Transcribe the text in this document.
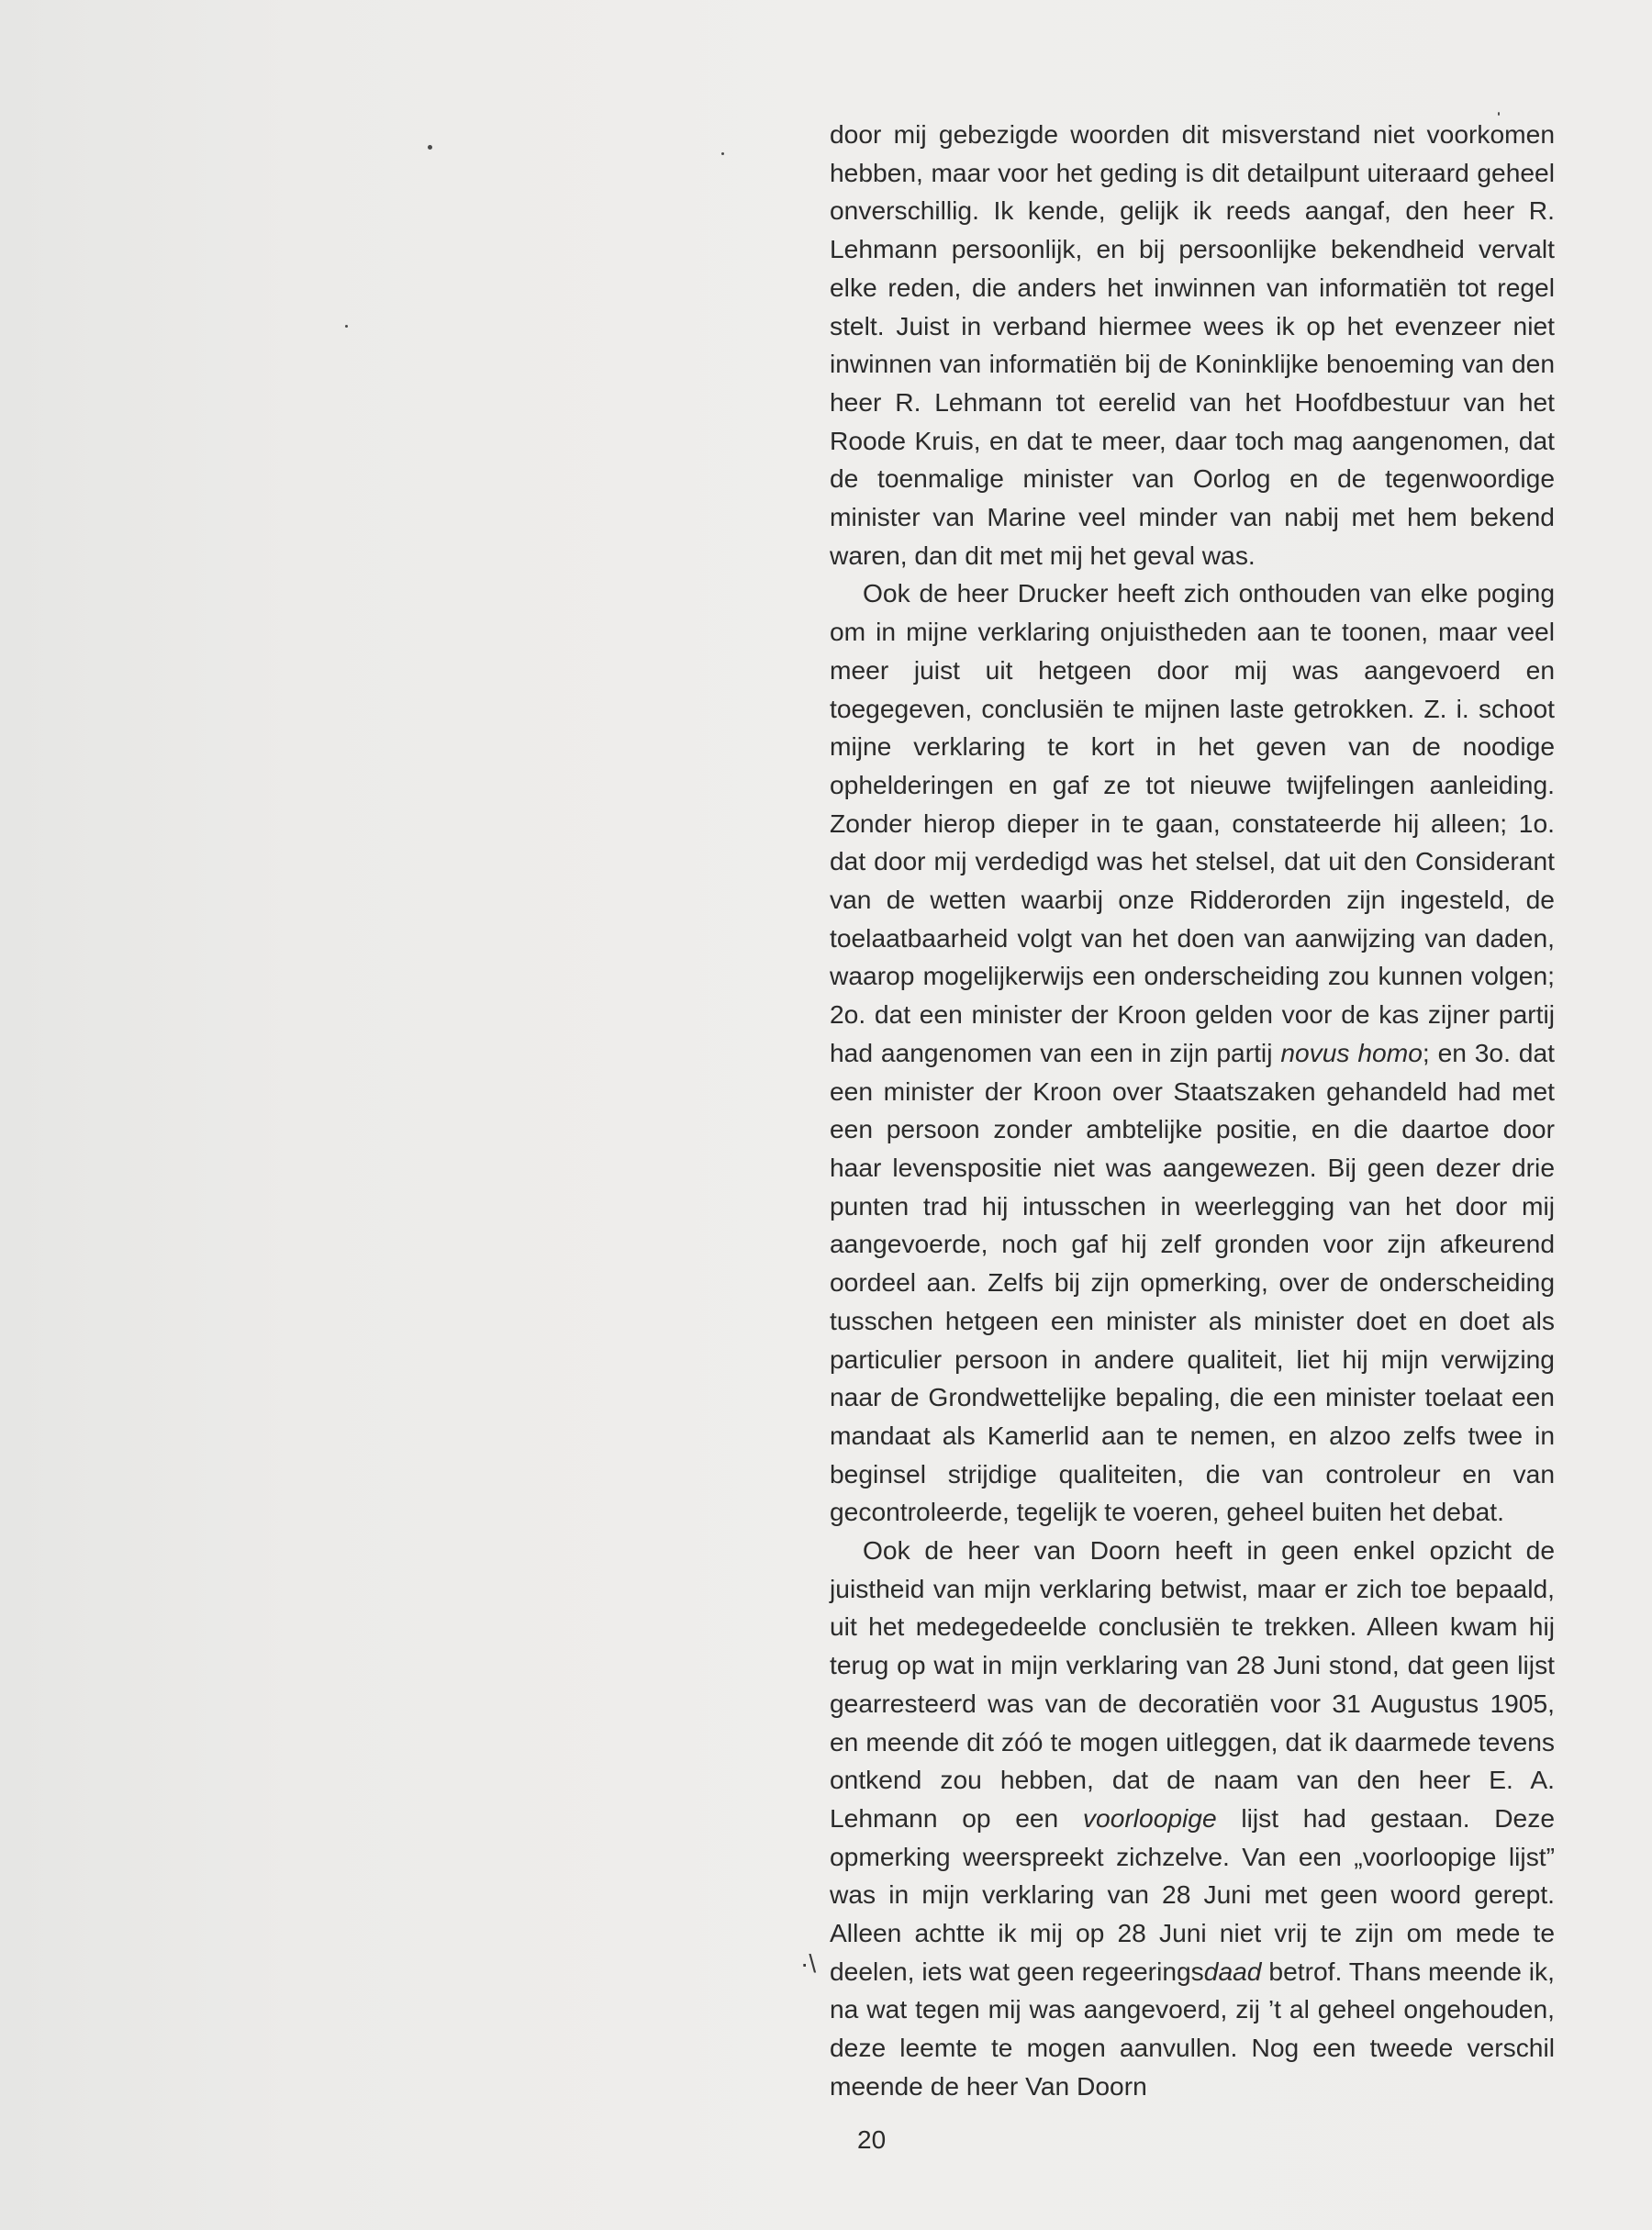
door mij gebezigde woorden dit misverstand niet voorkomen hebben, maar voor het geding is dit detailpunt uiteraard geheel onverschillig. Ik kende, gelijk ik reeds aangaf, den heer R. Lehmann persoonlijk, en bij persoonlijke bekendheid vervalt elke reden, die anders het inwinnen van informatiën tot regel stelt. Juist in verband hiermee wees ik op het evenzeer niet inwinnen van informatiën bij de Koninklijke benoeming van den heer R. Lehmann tot eerelid van het Hoofdbestuur van het Roode Kruis, en dat te meer, daar toch mag aangenomen, dat de toenmalige minister van Oorlog en de tegenwoordige minister van Marine veel minder van nabij met hem bekend waren, dan dit met mij het geval was.

Ook de heer Drucker heeft zich onthouden van elke poging om in mijne verklaring onjuistheden aan te toonen, maar veel meer juist uit hetgeen door mij was aangevoerd en toegegeven, conclusiën te mijnen laste getrokken. Z. i. schoot mijne verklaring te kort in het geven van de noodige ophelderingen en gaf ze tot nieuwe twijfelingen aanleiding. Zonder hierop dieper in te gaan, constateerde hij alleen; 1o. dat door mij verdedigd was het stelsel, dat uit den Considerant van de wetten waarbij onze Ridderorden zijn ingesteld, de toelaatbaarheid volgt van het doen van aanwijzing van daden, waarop mogelijkerwijs een onderscheiding zou kunnen volgen; 2o. dat een minister der Kroon gelden voor de kas zijner partij had aangenomen van een in zijn partij novus homo; en 3o. dat een minister der Kroon over Staatszaken gehandeld had met een persoon zonder ambtelijke positie, en die daartoe door haar levenspositie niet was aangewezen. Bij geen dezer drie punten trad hij intusschen in weerlegging van het door mij aangevoerde, noch gaf hij zelf gronden voor zijn afkeurend oordeel aan. Zelfs bij zijn opmerking, over de onderscheiding tusschen hetgeen een minister als minister doet en doet als particulier persoon in andere qualiteit, liet hij mijn verwijzing naar de Grondwettelijke bepaling, die een minister toelaat een mandaat als Kamerlid aan te nemen, en alzoo zelfs twee in beginsel strijdige qualiteiten, die van controleur en van gecontroleerde, tegelijk te voeren, geheel buiten het debat.

Ook de heer van Doorn heeft in geen enkel opzicht de juistheid van mijn verklaring betwist, maar er zich toe bepaald, uit het medegedeelde conclusiën te trekken. Alleen kwam hij terug op wat in mijn verklaring van 28 Juni stond, dat geen lijst gearresteerd was van de decoratiën voor 31 Augustus 1905, en meende dit zóó te mogen uitleggen, dat ik daarmede tevens ontkend zou hebben, dat de naam van den heer E. A. Lehmann op een voorloopige lijst had gestaan. Deze opmerking weerspreekt zichzelve. Van een „voorloopige lijst” was in mijn verklaring van 28 Juni met geen woord gerept. Alleen achtte ik mij op 28 Juni niet vrij te zijn om mede te deelen, iets wat geen regeeringsdaad betrof. Thans meende ik, na wat tegen mij was aangevoerd, zij ’t al geheel ongehouden, deze leemte te mogen aanvullen. Nog een tweede verschil meende de heer Van Doorn

·\
20
